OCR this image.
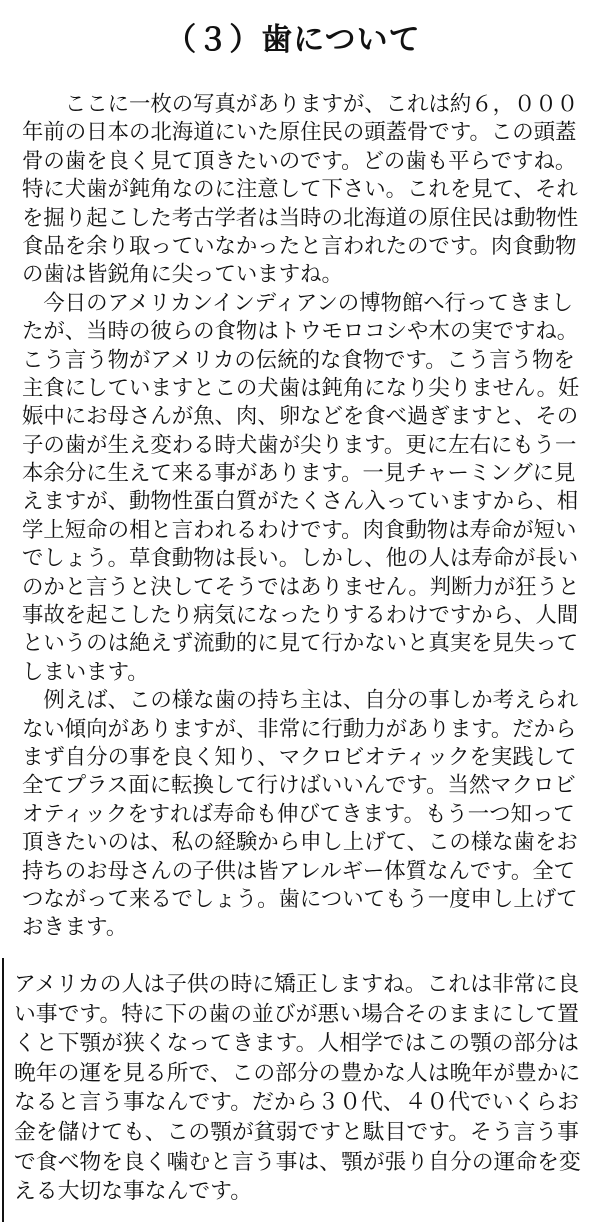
（３）歯について
ここに一枚の写真がありますが、これは約６，０００
年前の日本の北海道にいた原住民の頭蓋骨です。この頭蓋
骨の歯を良く見て頂きたいのです。どの歯も平らですね。
特に犬歯が鈍角なのに注意して下さい。これを見て、それ
を掘り起こした考古学者は当時の北海道の原住民は動物性
食品を余り取っていなかったと言われたのです。肉食動物
の歯は皆鋭角に尖っていますね。
今日のアメリカンインディアンの博物館へ行ってきまし
たが、当時の彼らの食物はトウモロコシや木の実ですね。
こう言う物がアメリカの伝統的な食物です。こう言う物を
主食にしていますとこの犬歯は鈍角になり尖りません。妊
娠中にお母さんが魚、肉、卵などを食べ過ぎますと、その
子の歯が生え変わる時犬歯が尖ります。更に左右にもう一
本余分に生えて来る事があります。一見チャーミングに見
えますが、動物性蛋白質がたくさん入っていますから、相
学上短命の相と言われるわけです。肉食動物は寿命が短い
でしょう。草食動物は長い。しかし、他の人は寿命が長い
のかと言うと決してそうではありません。判断力が狂うと
事故を起こしたり病気になったりするわけですから、人間
というのは絶えず流動的に見て行かないと真実を見失って
しまいます。
例えば、この様な歯の持ち主は、自分の事しか考えられ
ない傾向がありますが、非常に行動力があります。だから
まず自分の事を良く知り、マクロビオティックを実践して
全てプラス面に転換して行けばいいんです。当然マクロビ
オティックをすれば寿命も伸びてきます。もう一つ知って
頂きたいのは、私の経験から申し上げて、この様な歯をお
持ちのお母さんの子供は皆アレルギー体質なんです。全て
つながって来るでしょう。歯についてもう一度申し上げて
おきます。
アメリカの人は子供の時に矯正しますね。これは非常に良
い事です。特に下の歯の並びが悪い場合そのままにして置
くと下顎が狭くなってきます。人相学ではこの顎の部分は
晩年の運を見る所で、この部分の豊かな人は晩年が豊かに
なると言う事なんです。だから３０代、４０代でいくらお
金を儲けても、この顎が貧弱ですと駄目です。そう言う事
で食べ物を良く噛むと言う事は、顎が張り自分の運命を変
える大切な事なんです。
